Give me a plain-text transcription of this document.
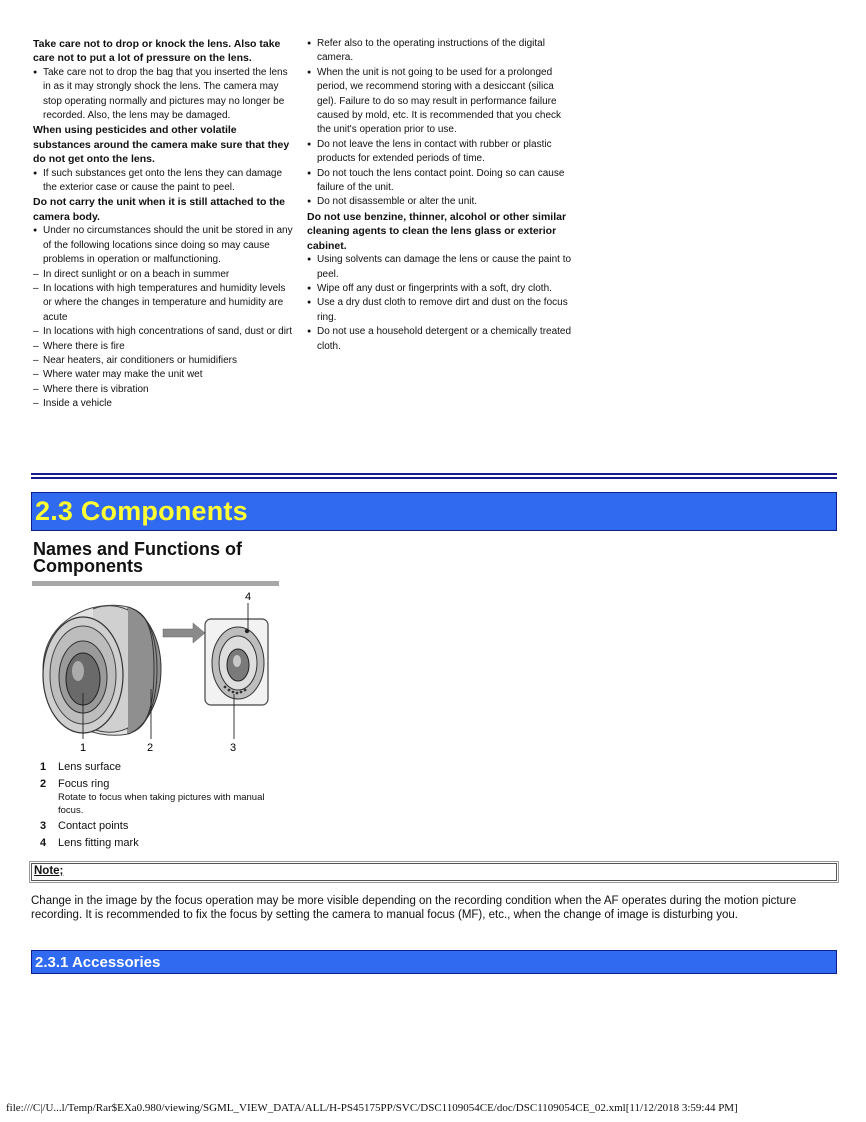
Take care not to drop or knock the lens. Also take care not to put a lot of pressure on the lens.

● Take care not to drop the bag that you inserted the lens in as it may strongly shock the lens. The camera may stop operating normally and pictures may no longer be recorded. Also, the lens may be damaged.

When using pesticides and other volatile substances around the camera make sure that they do not get onto the lens.

● If such substances get onto the lens they can damage the exterior case or cause the paint to peel.

Do not carry the unit when it is still attached to the camera body.

● Under no circumstances should the unit be stored in any of the following locations since doing so may cause problems in operation or malfunctioning.

– In direct sunlight or on a beach in summer

– In locations with high temperatures and humidity levels or where the changes in temperature and humidity are acute

– In locations with high concentrations of sand, dust or dirt

– Where there is fire

– Near heaters, air conditioners or humidifiers

– Where water may make the unit wet

– Where there is vibration

– Inside a vehicle

● Refer also to the operating instructions of the digital camera.

● When the unit is not going to be used for a prolonged period, we recommend storing with a desiccant (silica gel). Failure to do so may result in performance failure caused by mold, etc. It is recommended that you check the unit's operation prior to use.

● Do not leave the lens in contact with rubber or plastic products for extended periods of time.

● Do not touch the lens contact point. Doing so can cause failure of the unit.

● Do not disassemble or alter the unit.

Do not use benzine, thinner, alcohol or other similar cleaning agents to clean the lens glass or exterior cabinet.

● Using solvents can damage the lens or cause the paint to peel.

● Wipe off any dust or fingerprints with a soft, dry cloth.

● Use a dry dust cloth to remove dirt and dust on the focus ring.

● Do not use a household detergent or a chemically treated cloth.

2.3 Components
Names and Functions of Components
1	2	3
4
1 Lens surface
2 Focus ring
Rotate to focus when taking pictures with manual focus.
3 Contact points
4 Lens fitting mark
Note;
Change in the image by the focus operation may be more visible depending on the recording condition when the AF operates during the motion picture recording. It is recommended to fix the focus by setting the camera to manual focus (MF), etc., when the change of image is disturbing you.
2.3.1 Accessories
file:///C|/U...l/Temp/Rar$EXa0.980/viewing/SGML_VIEW_DATA/ALL/H-PS45175PP/SVC/DSC1109054CE/doc/DSC1109054CE_02.xml[11/12/2018 3:59:44 PM]
